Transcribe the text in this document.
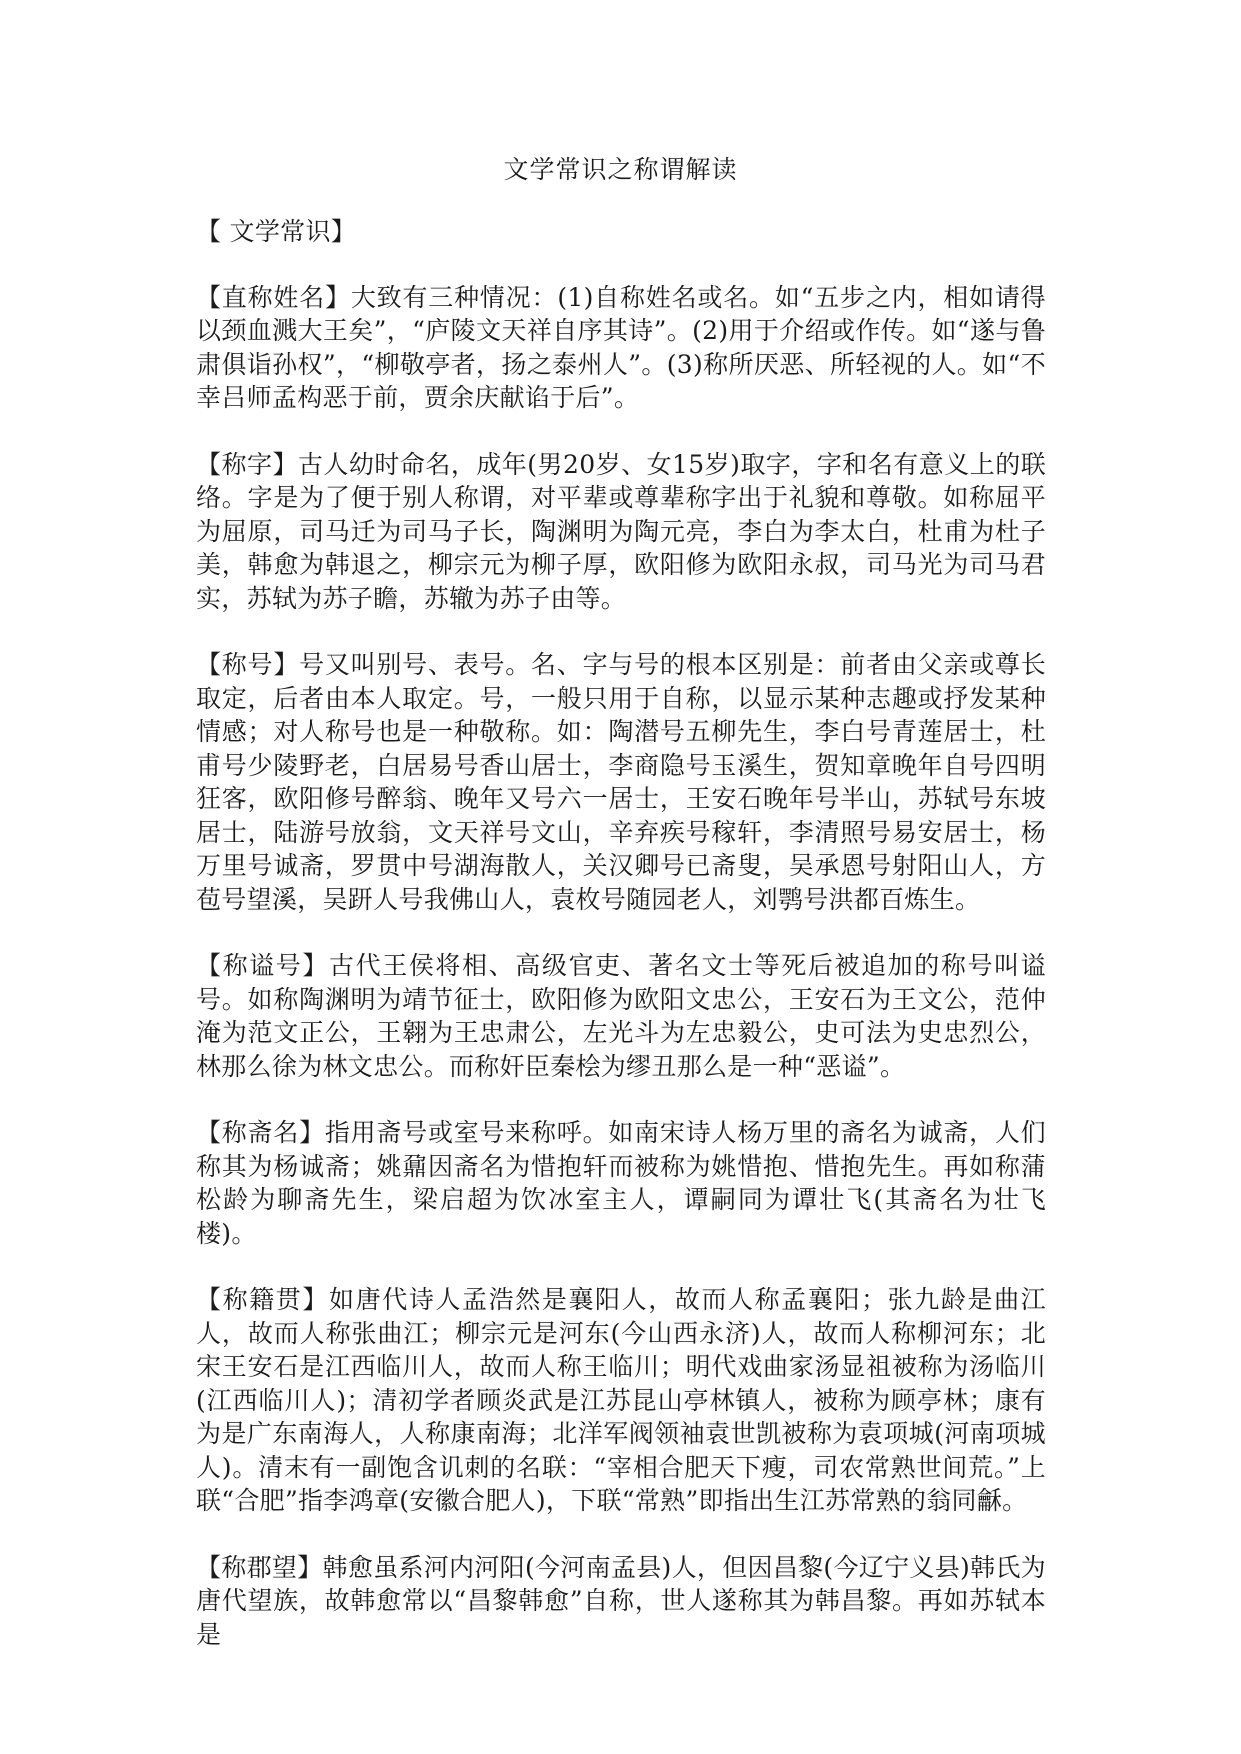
文学常识之称谓解读
【 文学常识】

【直称姓名】大致有三种情况：(1)自称姓名或名。如“五步之内，相如请得以颈血溅大王矣”，“庐陵文天祥自序其诗”。(2)用于介绍或作传。如“遂与鲁肃俱诣孙权”，“柳敬亭者，扬之泰州人”。(3)称所厌恶、所轻视的人。如“不幸吕师孟构恶于前，贾余庆献谄于后”。

【称字】古人幼时命名，成年(男20岁、女15岁)取字，字和名有意义上的联络。字是为了便于别人称谓，对平辈或尊辈称字出于礼貌和尊敬。如称屈平为屈原，司马迁为司马子长，陶渊明为陶元亮，李白为李太白，杜甫为杜子美，韩愈为韩退之，柳宗元为柳子厚，欧阳修为欧阳永叔，司马光为司马君实，苏轼为苏子瞻，苏辙为苏子由等。

【称号】号又叫别号、表号。名、字与号的根本区别是：前者由父亲或尊长取定，后者由本人取定。号，一般只用于自称，以显示某种志趣或抒发某种情感；对人称号也是一种敬称。如：陶潜号五柳先生，李白号青莲居士，杜甫号少陵野老，白居易号香山居士，李商隐号玉溪生，贺知章晚年自号四明狂客，欧阳修号醉翁、晚年又号六一居士，王安石晚年号半山，苏轼号东坡居士，陆游号放翁，文天祥号文山，辛弃疾号稼轩，李清照号易安居士，杨万里号诚斋，罗贯中号湖海散人，关汉卿号已斋叟，吴承恩号射阳山人，方苞号望溪，吴趼人号我佛山人，袁枚号随园老人，刘鹗号洪都百炼生。

【称谥号】古代王侯将相、高级官吏、著名文士等死后被追加的称号叫谥号。如称陶渊明为靖节征士，欧阳修为欧阳文忠公，王安石为王文公，范仲淹为范文正公，王翱为王忠肃公，左光斗为左忠毅公，史可法为史忠烈公，林那么徐为林文忠公。而称奸臣秦桧为缪丑那么是一种“恶谥”。

【称斋名】指用斋号或室号来称呼。如南宋诗人杨万里的斋名为诚斋，人们称其为杨诚斋；姚鼐因斋名为惜抱轩而被称为姚惜抱、惜抱先生。再如称蒲松龄为聊斋先生，梁启超为饮冰室主人，谭嗣同为谭壮飞(其斋名为壮飞楼)。

【称籍贯】如唐代诗人孟浩然是襄阳人，故而人称孟襄阳；张九龄是曲江人，故而人称张曲江；柳宗元是河东(今山西永济)人，故而人称柳河东；北宋王安石是江西临川人，故而人称王临川；明代戏曲家汤显祖被称为汤临川(江西临川人)；清初学者顾炎武是江苏昆山亭林镇人，被称为顾亭林；康有为是广东南海人，人称康南海；北洋军阀领袖袁世凯被称为袁项城(河南项城人)。清末有一副饱含讥刺的名联：“宰相合肥天下瘦，司农常熟世间荒。”上联“合肥”指李鸿章(安徽合肥人)，下联“常熟”即指出生江苏常熟的翁同龢。

【称郡望】韩愈虽系河内河阳(今河南孟县)人，但因昌黎(今辽宁义县)韩氏为唐代望族，故韩愈常以“昌黎韩愈”自称，世人遂称其为韩昌黎。再如苏轼本是
